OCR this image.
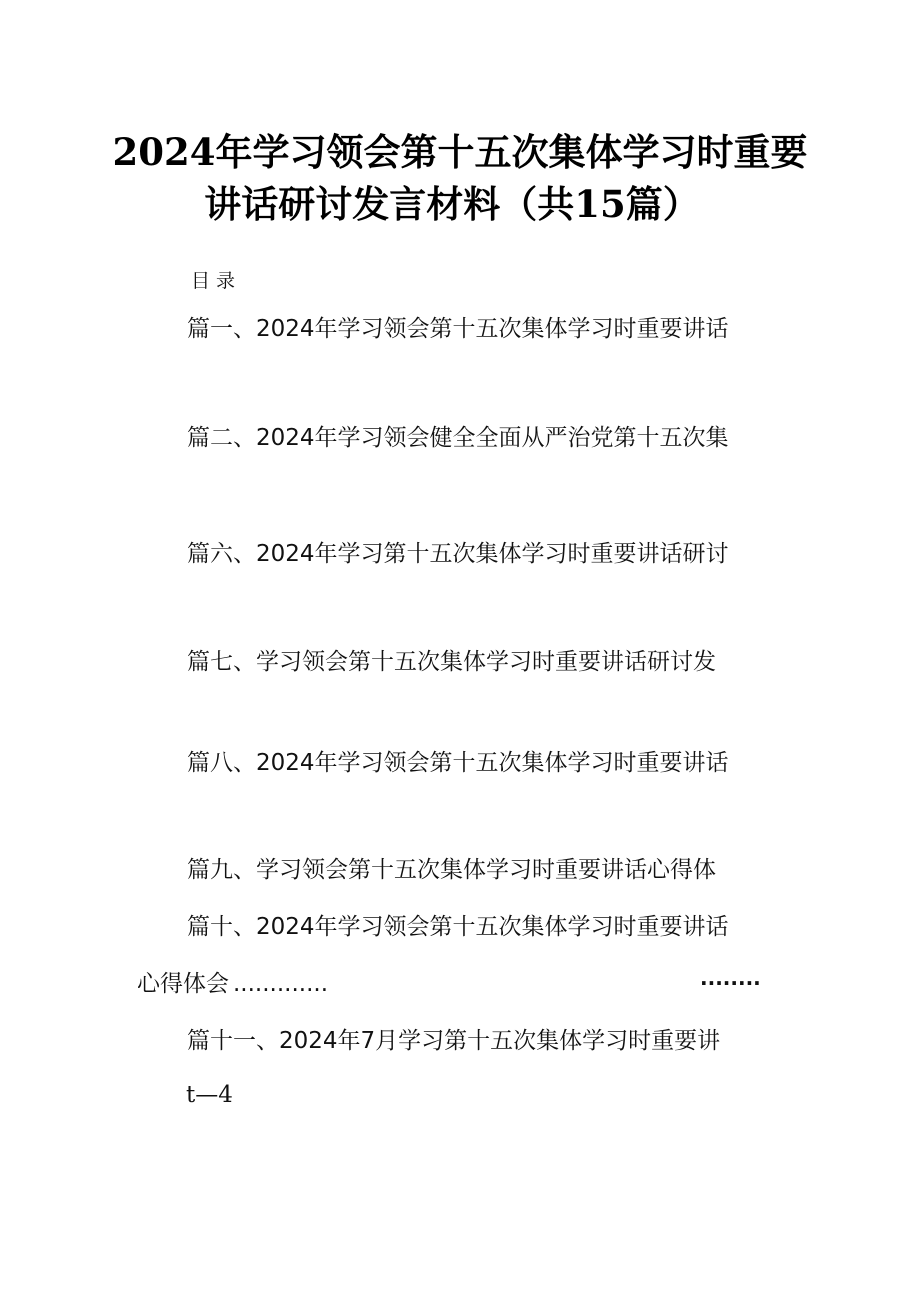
2024年学习领会第十五次集体学习时重要
讲话研讨发言材料（共15篇）
目录
篇一、2024年学习领会第十五次集体学习时重要讲话
篇二、2024年学习领会健全全面从严治党第十五次集
篇六、2024年学习第十五次集体学习时重要讲话研讨
篇七、学习领会第十五次集体学习时重要讲话研讨发
篇八、2024年学习领会第十五次集体学习时重要讲话
篇九、学习领会第十五次集体学习时重要讲话心得体
篇十、2024年学习领会第十五次集体学习时重要讲话
心得体会 .............	........
篇十一、2024年7月学习第十五次集体学习时重要讲
t—4
